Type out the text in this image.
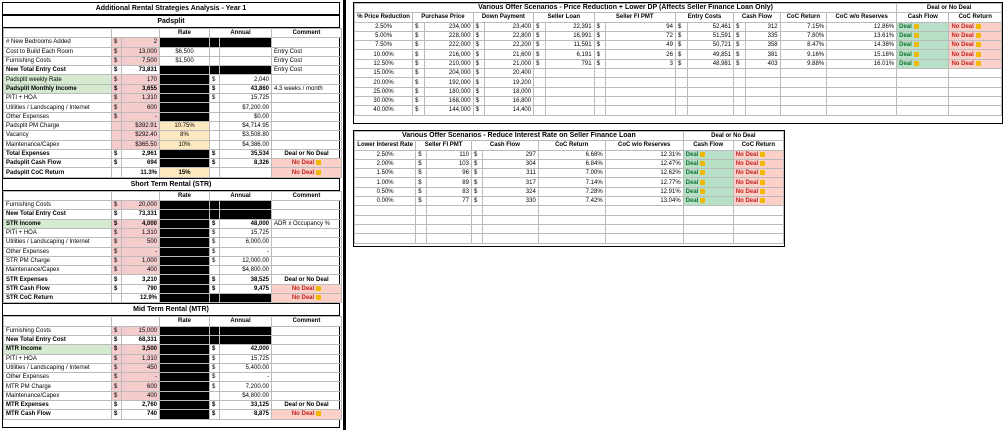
Additional Rental Strategies Analysis - Year 1
Padsplit
			Rate	Annual		Comment
# New Bedrooms Added	$	2				
Cost to Build Each Room	$	13,000	$6,500			Entry Cost
Furnishing Costs	$	7,500	$1,500			Entry Cost
New Total Entry Cost	$	73,831				Entry Cost
Padsplit weekly Rate	$	170		$	2,040	
Padsplit Monthly Income	$	3,655		$	43,860	4.3 weeks / month
PITI + HOA	$	1,310		$	15,725	
Utilities / Landscaping / Internet	$	600			$7,200.00	
Other Expenses	$	-			$0.00	
Padsplit PM Charge		$392.91	10.75%		$4,714.95	
Vacancy		$292.40	8%		$3,508.80	
Maintenance/Capex		$365.50	10%		$4,386.00	
Total Expenses	$	2,961	Goal	$	35,534	Deal or No Deal
Padsplit Cash Flow	$	694	$ 1,000	$	8,326	No Deal
Padsplit CoC Return		11.3%	15%			No Deal
Short Term Rental (STR)
			Rate	Annual		Comment
Furnishing Costs	$	20,000				
New Total Entry Cost	$	73,331				
STR Income	$	4,000		$	48,000	ADR x Occupancy %
PITI + HOA	$	1,310		$	15,725	
Utilities / Landscaping / Internet	$	500		$	6,000.00	
Other Expenses	$	-		$	-	
STR PM Charge	$	1,000	25%	$	12,000.00	
Maintenance/Capex	$	400	10%		$4,800.00	
STR Expenses	$	3,210	Goal	$	38,525	Deal or No Deal
STR Cash Flow	$	790	$ 1,000	$	9,475	No Deal
STR CoC Return		12.9%	20%			No Deal
Mid Term Rental (MTR)
			Rate	Annual		Comment
Furnishing Costs	$	15,000				
New Total Entry Cost	$	68,331				
MTR Income	$	3,500		$	42,000	
PITI + HOA	$	1,310		$	15,725	
Utilities / Landscaping / Internet	$	450		$	5,400.00	
Other Expenses	$	-		$	-	
MTR PM Charge	$	600	15%	$	7,200.00	
Maintenance/Capex	$	400	10%		$4,800.00	
MTR Expenses	$	2,760	Goal	$	33,125	Deal or No Deal
MTR Cash Flow	$	740	$ 1,000	$	8,875	No Deal
Various Offer Scenarios - Price Reduction + Lower DP (Affects Seller Finance Loan Only)															Deal or No Deal	
% Price Reduction	Purchase Price		Down Payment		Seller Loan		Seller FI PMT		Entry Costs		Cash Flow		CoC Return	CoC w/o Reserves	Cash Flow	CoC Return
2.50%	$	234,000	$	23,400	$	22,391	$	94	$	52,461	$	312	7.15%	12.86%	Deal	No Deal
5.00%	$	228,000	$	22,800	$	16,991	$	72	$	51,591	$	335	7.80%	13.61%	Deal	No Deal
7.50%	$	222,000	$	22,200	$	11,591	$	49	$	50,721	$	358	8.47%	14.38%	Deal	No Deal
10.00%	$	216,000	$	21,600	$	6,191	$	26	$	49,851	$	381	9.16%	15.18%	Deal	No Deal
12.50%	$	210,000	$	21,000	$	791	$	3	$	48,981	$	403	9.88%	16.01%	Deal	No Deal
15.00%	$	204,000	$	20,400												
20.00%	$	192,000	$	19,200												
25.00%	$	180,000	$	18,000												
30.00%	$	168,000	$	16,800												
40.00%	$	144,000	$	14,400												
Various Offer Scenarios - Reduce Interest Rate on Seller Finance Loan							Deal or No Deal	
Lower Interest Rate	Seller FI PMT		Cash Flow		CoC Return	CoC w/o Reserves	Cash Flow	CoC Return
2.50%	$	110	$	297	6.68%	12.31%	Deal	No Deal
2.00%	$	103	$	304	6.84%	12.47%	Deal	No Deal
1.50%	$	96	$	311	7.00%	12.62%	Deal	No Deal
1.00%	$	89	$	317	7.14%	12.77%	Deal	No Deal
0.50%	$	83	$	324	7.28%	12.91%	Deal	No Deal
0.00%	$	77	$	330	7.42%	13.04%	Deal	No Deal
